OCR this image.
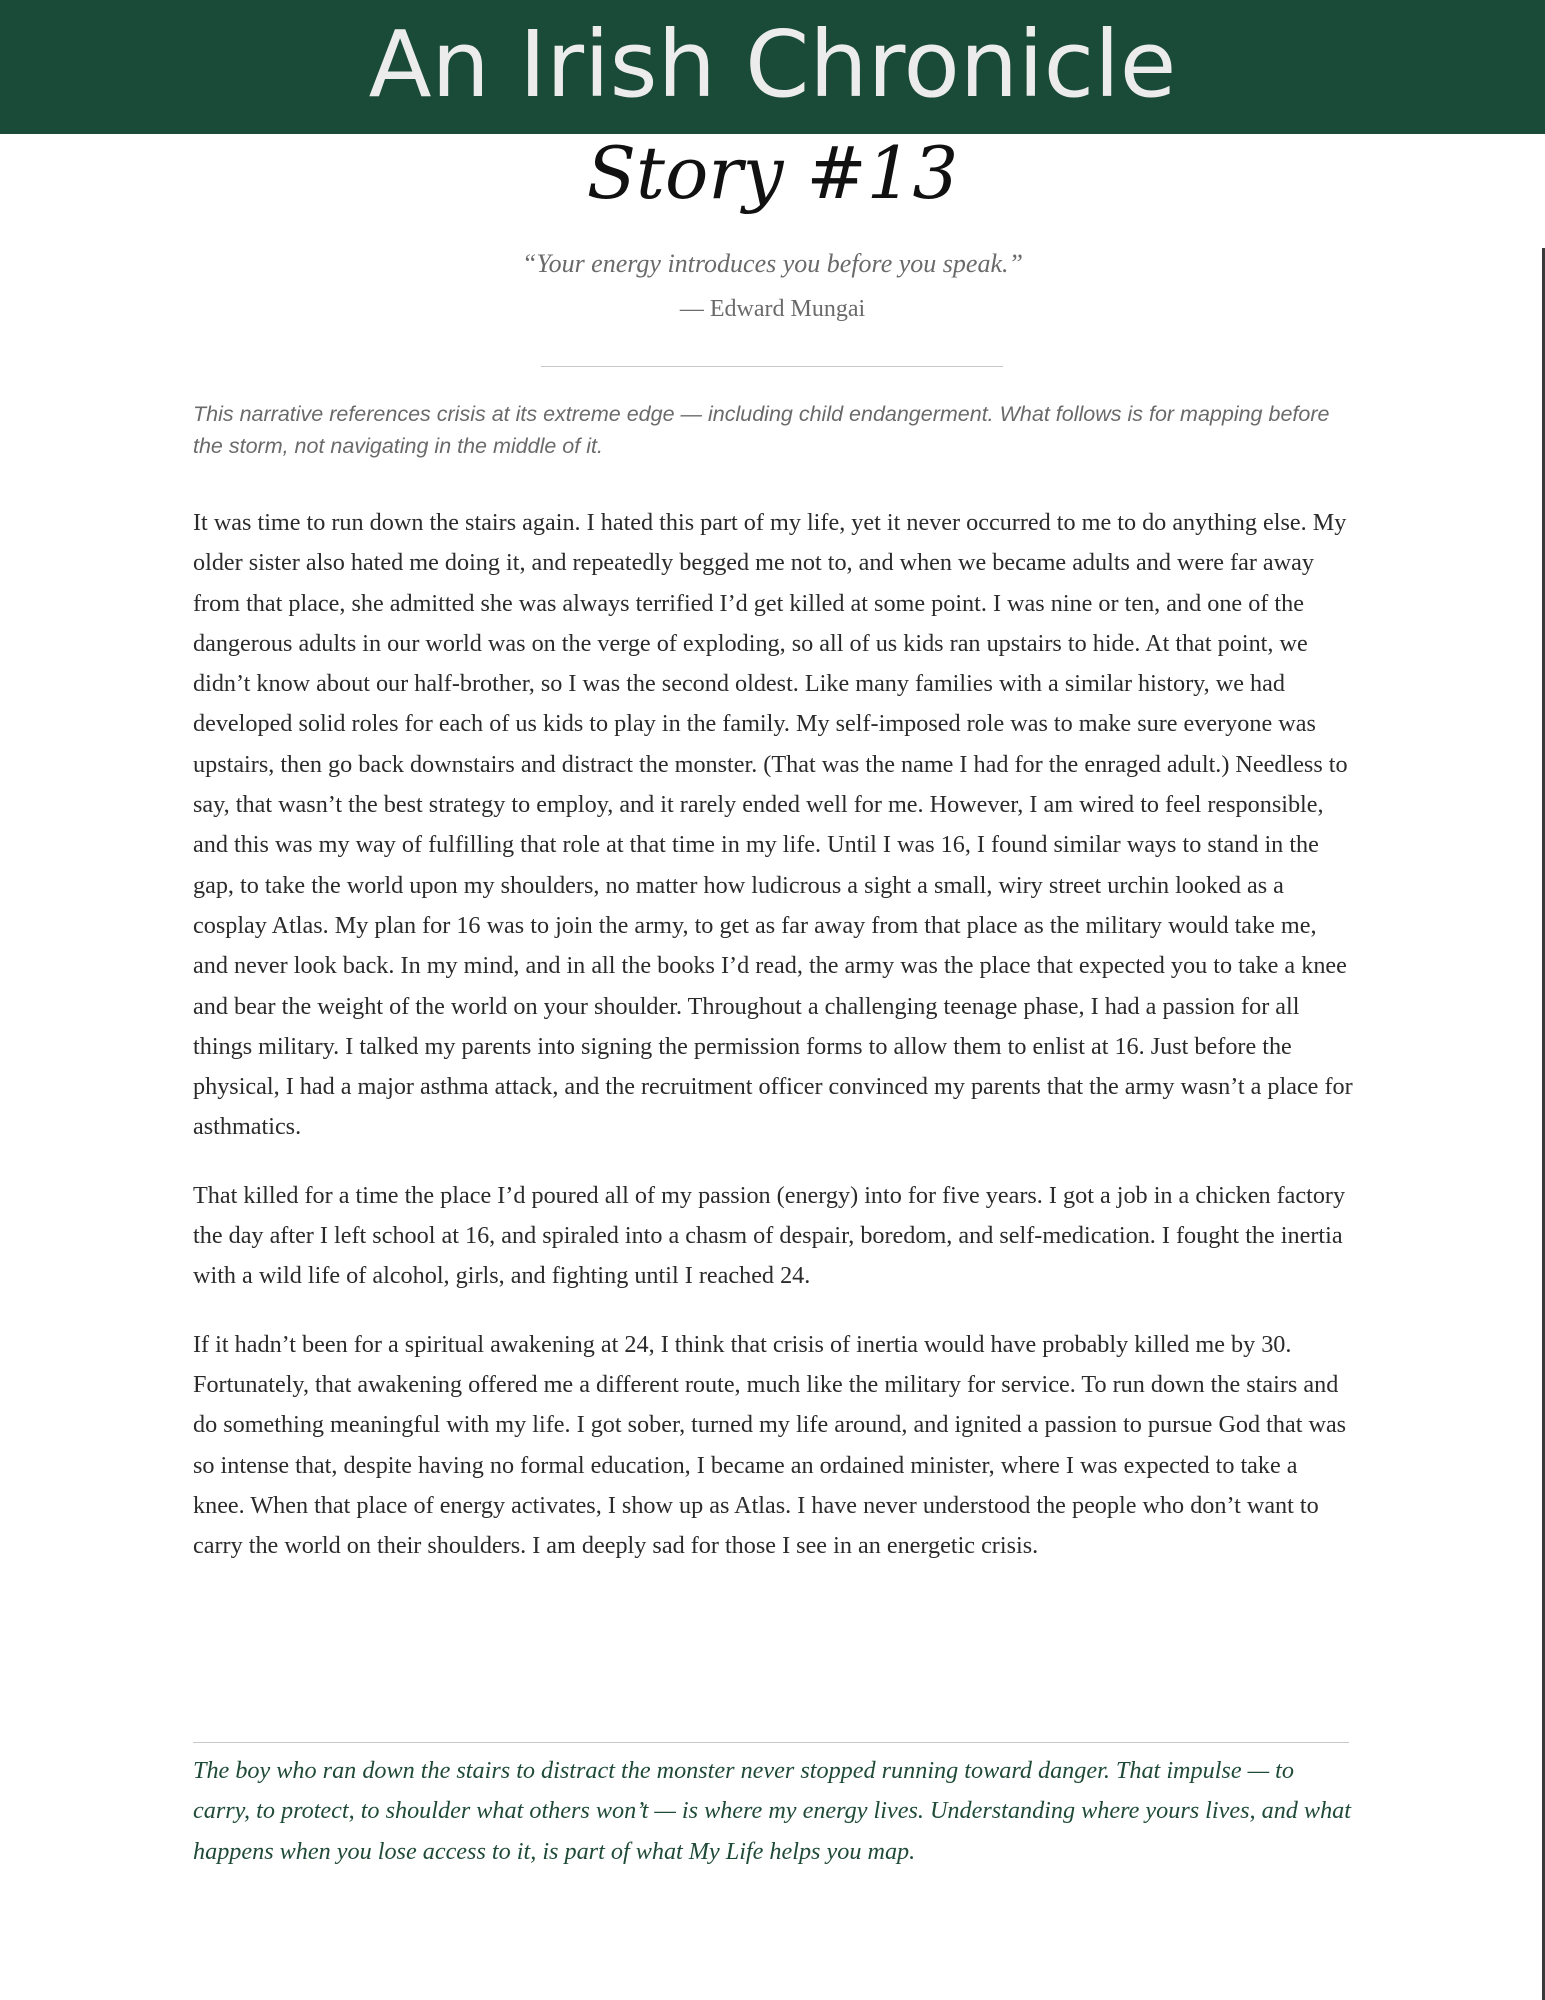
An Irish Chronicle
Story #13
“Your energy introduces you before you speak.”
— Edward Mungai
This narrative references crisis at its extreme edge — including child endangerment. What follows is for mapping before the storm, not navigating in the middle of it.

It was time to run down the stairs again. I hated this part of my life, yet it never occurred to me to do anything else. My older sister also hated me doing it, and repeatedly begged me not to, and when we became adults and were far away from that place, she admitted she was always terrified I’d get killed at some point. I was nine or ten, and one of the dangerous adults in our world was on the verge of exploding, so all of us kids ran upstairs to hide. At that point, we didn’t know about our half-brother, so I was the second oldest. Like many families with a similar history, we had developed solid roles for each of us kids to play in the family. My self-imposed role was to make sure everyone was upstairs, then go back downstairs and distract the monster. (That was the name I had for the enraged adult.) Needless to say, that wasn’t the best strategy to employ, and it rarely ended well for me. However, I am wired to feel responsible, and this was my way of fulfilling that role at that time in my life. Until I was 16, I found similar ways to stand in the gap, to take the world upon my shoulders, no matter how ludicrous a sight a small, wiry street urchin looked as a cosplay Atlas. My plan for 16 was to join the army, to get as far away from that place as the military would take me, and never look back. In my mind, and in all the books I’d read, the army was the place that expected you to take a knee and bear the weight of the world on your shoulder. Throughout a challenging teenage phase, I had a passion for all things military. I talked my parents into signing the permission forms to allow them to enlist at 16. Just before the physical, I had a major asthma attack, and the recruitment officer convinced my parents that the army wasn’t a place for asthmatics.

That killed for a time the place I’d poured all of my passion (energy) into for five years. I got a job in a chicken factory the day after I left school at 16, and spiraled into a chasm of despair, boredom, and self-medication. I fought the inertia with a wild life of alcohol, girls, and fighting until I reached 24.

If it hadn’t been for a spiritual awakening at 24, I think that crisis of inertia would have probably killed me by 30. Fortunately, that awakening offered me a different route, much like the military for service. To run down the stairs and do something meaningful with my life. I got sober, turned my life around, and ignited a passion to pursue God that was so intense that, despite having no formal education, I became an ordained minister, where I was expected to take a knee. When that place of energy activates, I show up as Atlas. I have never understood the people who don’t want to carry the world on their shoulders. I am deeply sad for those I see in an energetic crisis.

The boy who ran down the stairs to distract the monster never stopped running toward danger. That impulse — to carry, to protect, to shoulder what others won’t — is where my energy lives. Understanding where yours lives, and what happens when you lose access to it, is part of what My Life helps you map.
